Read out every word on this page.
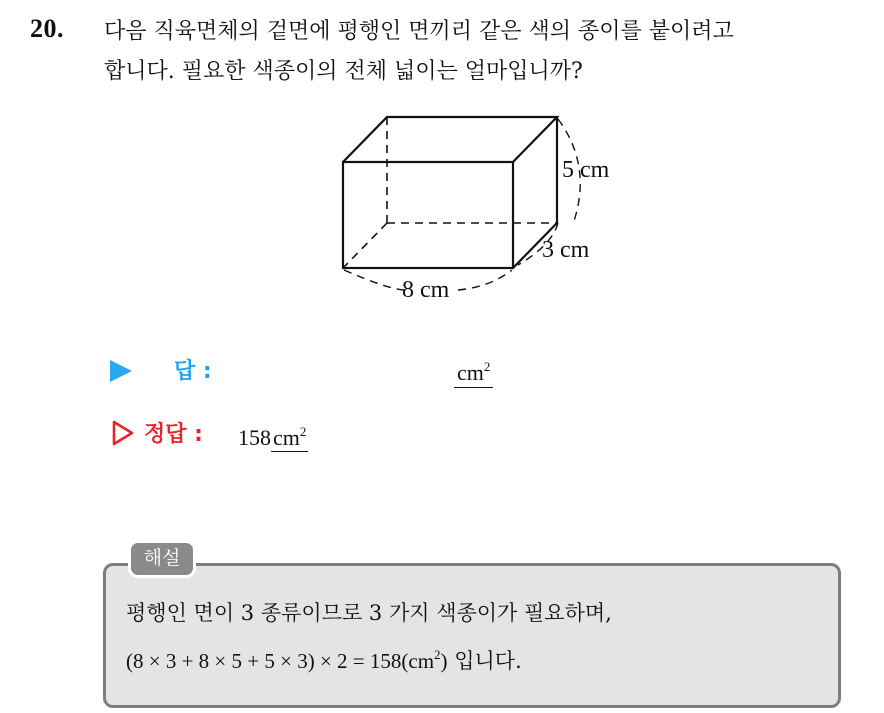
20. 다음 직육면체의 겉면에 평행인 면끼리 같은 색의 종이를 붙이려고
합니다. 필요한 색종이의 전체 넓이는 얼마입니까?
5 cm
3 cm
8 cm
답 :	$cm^2$
정답 : $158cm^2$
해설
평행인 면이 3 종류이므로 3 가지 색종이가 필요하며,
$(8 \times 3 + 8 \times 5 + 5 \times 3) \times 2 = 158(cm^2)$ 입니다.
